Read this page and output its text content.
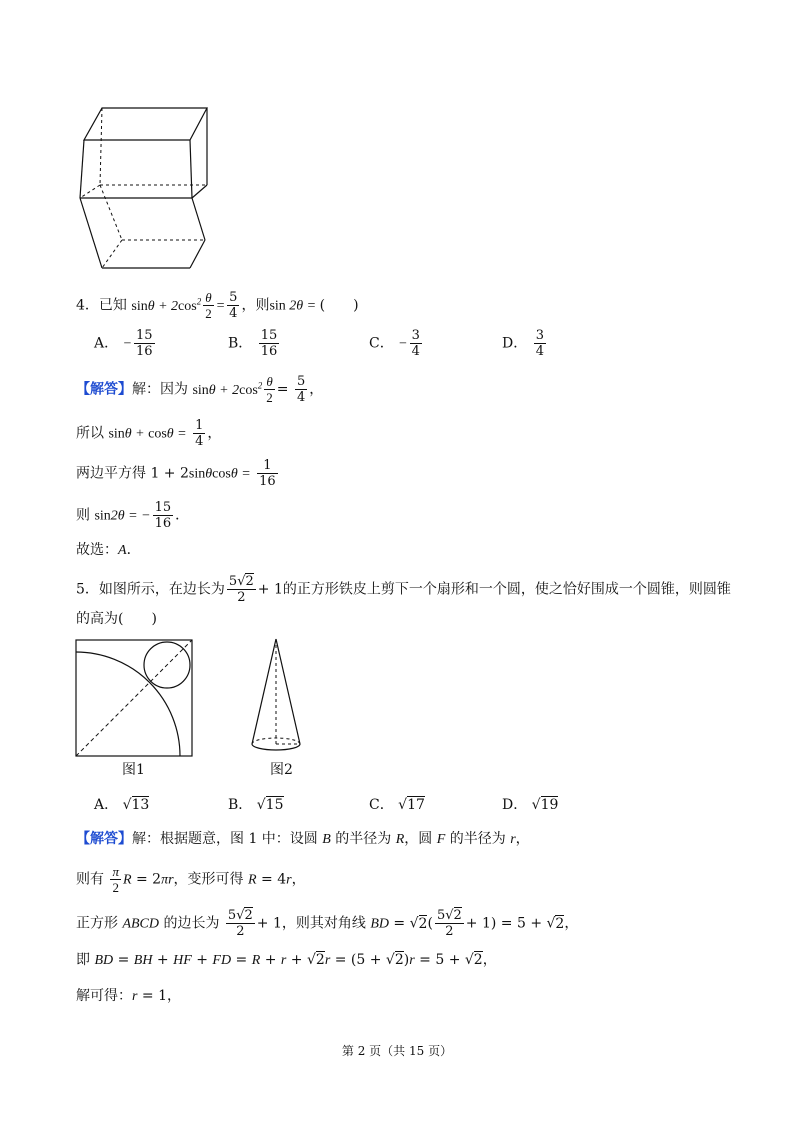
4．已知 $\sin\theta + 2\cos^2 \frac{\theta}{2} = \frac{5}{4}$ ，则sin 2θ = (　　)
A． − $\frac{15}{16}$	B． $\frac{15}{16}$	C． − $\frac{3}{4}$	D． $\frac{3}{4}$
【解答】解：因为 $\sin\theta + 2\cos^2 \frac{\theta}{2} = \frac{5}{4}$ ，
所以 $\sin\theta + \cos\theta = \frac{1}{4}$ ，
两边平方得 $1 + 2\sin\theta\cos\theta = \frac{1}{16}$
则 sin2θ = − $\frac{15}{16}$ ．
故选：A．
5．如图所示，在边长为 $\frac{5√2}{2} + 1$的正方形铁皮上剪下一个扇形和一个圆，使之恰好围成一个圆锥，则圆锥
的高为(　　)
图1	图2
A． √13	B． √15	C． √17	D． √19
【解答】解：根据题意，图 1 中：设圆 B 的半径为 R，圆 F 的半径为 r，
则有 $\frac{\pi}{2}$ R = 2πr，变形可得 R = 4r，
正方形 ABCD 的边长为 $\frac{5√2}{2} + 1$，则其对角线 BD = $√2( \frac{5√2}{2} + 1) = 5 + √2$，
即 BD = BH + HF + FD = R + r + √2r = (5 + √2)r = 5 + √2，
解可得：r = 1，
第 2 页（共 15 页）
